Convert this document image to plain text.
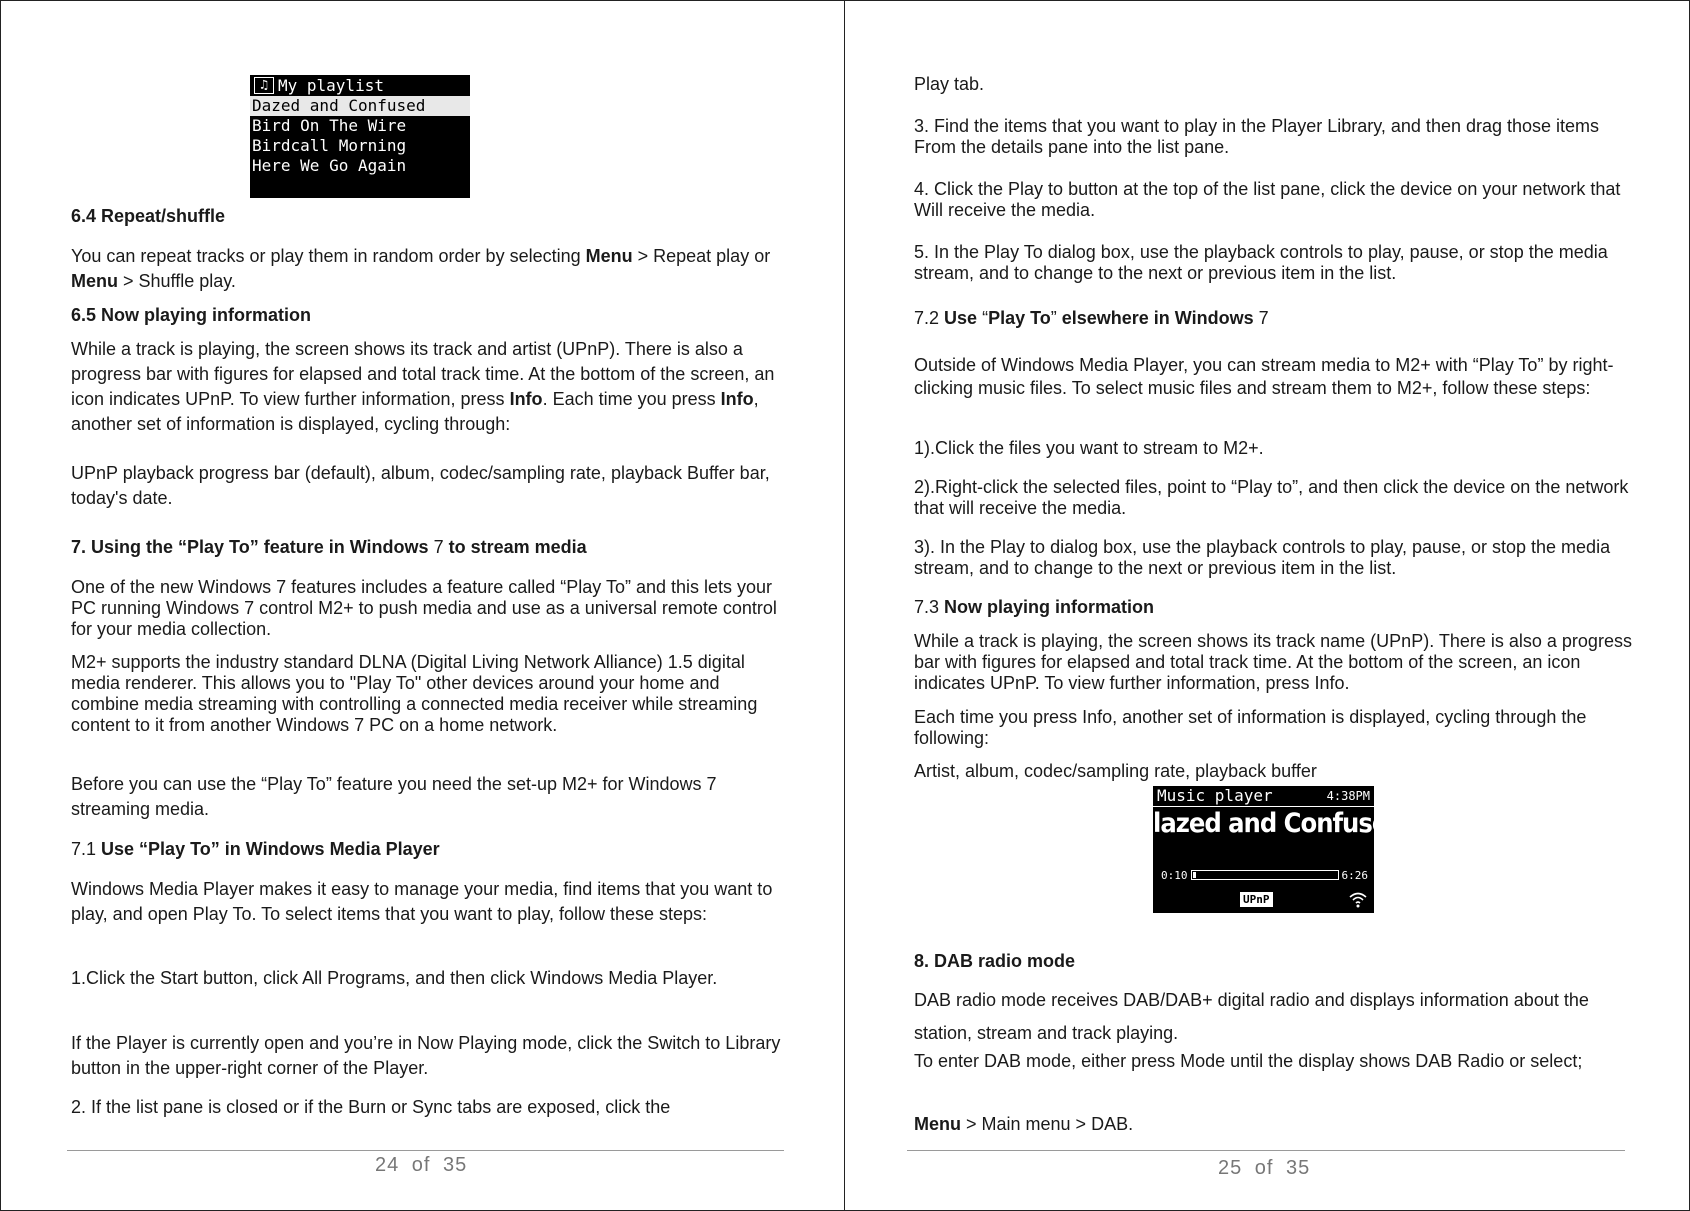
♫ My playlist
Dazed and Confused
Bird On The Wire
Birdcall Morning
Here We Go Again

6.4 Repeat/shuffle

You can repeat tracks or play them in random order by selecting Menu > Repeat play or Menu > Shuffle play.

6.5 Now playing information

While a track is playing, the screen shows its track and artist (UPnP). There is also a progress bar with figures for elapsed and total track time. At the bottom of the screen, an icon indicates UPnP. To view further information, press Info. Each time you press Info, another set of information is displayed, cycling through:

UPnP playback progress bar (default), album, codec/sampling rate, playback Buffer bar, today's date.

7. Using the “Play To” feature in Windows 7 to stream media

One of the new Windows 7 features includes a feature called “Play To” and this lets your PC running Windows 7 control M2+ to push media and use as a universal remote control for your media collection.

M2+ supports the industry standard DLNA (Digital Living Network Alliance) 1.5 digital media renderer. This allows you to "Play To" other devices around your home and combine media streaming with controlling a connected media receiver while streaming content to it from another Windows 7 PC on a home network.

Before you can use the “Play To” feature you need the set-up M2+ for Windows 7 streaming media.

7.1 Use “Play To” in Windows Media Player

Windows Media Player makes it easy to manage your media, find items that you want to play, and open Play To. To select items that you want to play, follow these steps:

1.Click the Start button, click All Programs, and then click Windows Media Player.

If the Player is currently open and you’re in Now Playing mode, click the Switch to Library button in the upper-right corner of the Player.

2. If the list pane is closed or if the Burn or Sync tabs are exposed, click the

24 of 35

Play tab.

3. Find the items that you want to play in the Player Library, and then drag those items From the details pane into the list pane.

4. Click the Play to button at the top of the list pane, click the device on your network that Will receive the media.

5. In the Play To dialog box, use the playback controls to play, pause, or stop the media stream, and to change to the next or previous item in the list.

7.2 Use “Play To” elsewhere in Windows 7

Outside of Windows Media Player, you can stream media to M2+ with “Play To” by right-clicking music files. To select music files and stream them to M2+, follow these steps:

1).Click the files you want to stream to M2+.

2).Right-click the selected files, point to “Play to”, and then click the device on the network that will receive the media.

3). In the Play to dialog box, use the playback controls to play, pause, or stop the media stream, and to change to the next or previous item in the list.

7.3 Now playing information

While a track is playing, the screen shows its track name (UPnP). There is also a progress bar with figures for elapsed and total track time. At the bottom of the screen, an icon indicates UPnP. To view further information, press Info.

Each time you press Info, another set of information is displayed, cycling through the following:

Artist, album, codec/sampling rate, playback buffer

8. DAB radio mode

DAB radio mode receives DAB/DAB+ digital radio and displays information about the station, stream and track playing.

To enter DAB mode, either press Mode until the display shows DAB Radio or select;

Menu > Main menu > DAB.

25 of 35
Music player	4:38PM
lazed and Confused
0:10	6:26
UPnP
